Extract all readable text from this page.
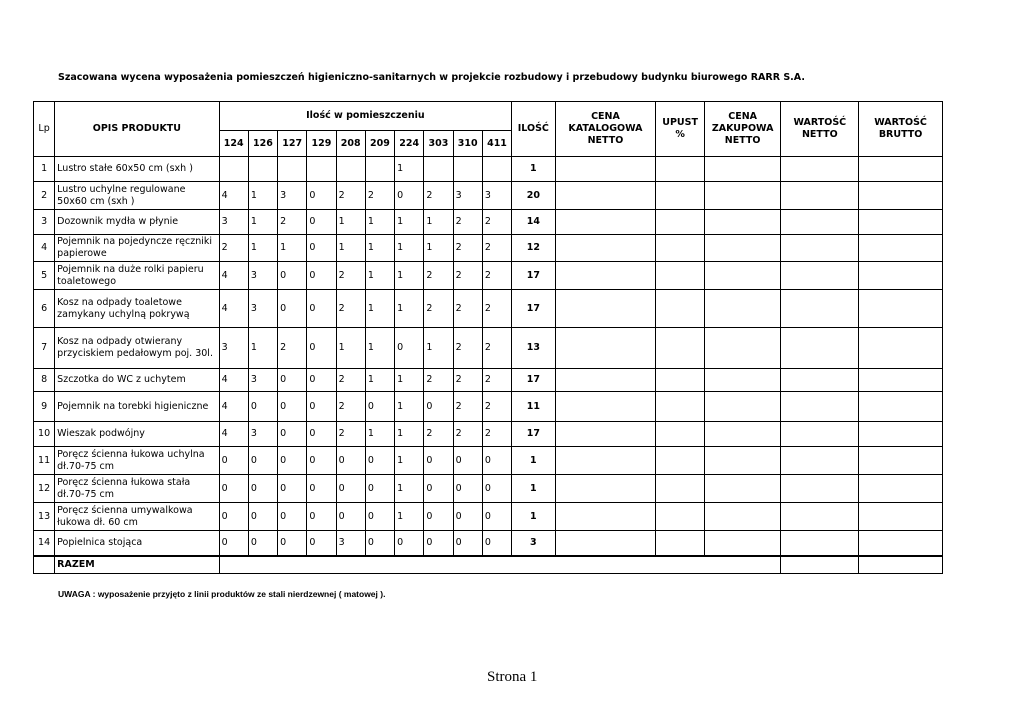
Szacowana wycena wyposażenia pomieszczeń higieniczno-sanitarnych w projekcie rozbudowy i przebudowy budynku biurowego RARR S.A.
Lp	OPIS PRODUKTU	Ilość w pomieszczeniu										ILOŚĆ	CENA KATALOGOWA NETTO	UPUST %	CENA ZAKUPOWA NETTO	WARTOŚĆ NETTO	WARTOŚĆ BRUTTO
		124	126	127	129	208	209	224	303	310	411						
1	Lustro stałe 60x50 cm (sxh )							1				1					
2	Lustro uchylne regulowane 50x60 cm (sxh )	4	1	3	0	2	2	0	2	3	3	20					
3	Dozownik mydła w płynie	3	1	2	0	1	1	1	1	2	2	14					
4	Pojemnik na pojedyncze ręczniki papierowe	2	1	1	0	1	1	1	1	2	2	12					
5	Pojemnik na duże rolki papieru toaletowego	4	3	0	0	2	1	1	2	2	2	17					
6	Kosz na odpady toaletowe zamykany uchylną pokrywą	4	3	0	0	2	1	1	2	2	2	17					
7	Kosz na odpady otwierany przyciskiem pedałowym poj. 30l.	3	1	2	0	1	1	0	1	2	2	13					
8	Szczotka do WC z uchytem	4	3	0	0	2	1	1	2	2	2	17					
9	Pojemnik na torebki higieniczne	4	0	0	0	2	0	1	0	2	2	11					
10	Wieszak podwójny	4	3	0	0	2	1	1	2	2	2	17					
11	Poręcz ścienna łukowa uchylna dł.70-75 cm	0	0	0	0	0	0	1	0	0	0	1					
12	Poręcz ścienna łukowa stała dł.70-75 cm	0	0	0	0	0	0	1	0	0	0	1					
13	Poręcz ścienna umywalkowa łukowa dł. 60 cm	0	0	0	0	0	0	1	0	0	0	1					
14	Popielnica stojąca	0	0	0	0	3	0	0	0	0	0	3					
	RAZEM																
UWAGA : wyposażenie przyjęto z linii produktów ze stali nierdzewnej ( matowej ).
Strona 1
